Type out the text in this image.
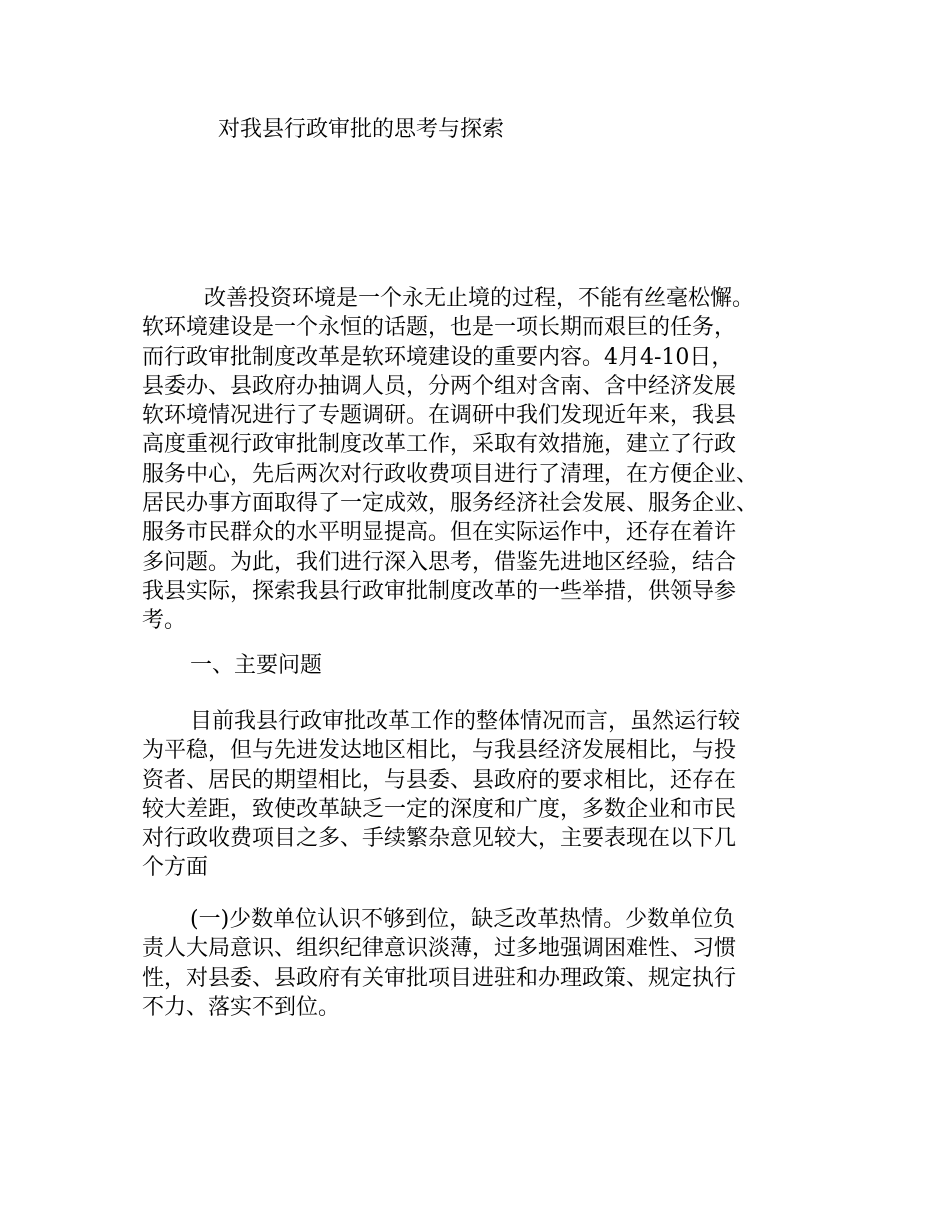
对我县行政审批的思考与探索
改善投资环境是一个永无止境的过程，不能有丝毫松懈。
软环境建设是一个永恒的话题，也是一项长期而艰巨的任务，
而行政审批制度改革是软环境建设的重要内容。4月4-10日，
县委办、县政府办抽调人员，分两个组对含南、含中经济发展
软环境情况进行了专题调研。在调研中我们发现近年来，我县
高度重视行政审批制度改革工作，采取有效措施，建立了行政
服务中心，先后两次对行政收费项目进行了清理，在方便企业、
居民办事方面取得了一定成效，服务经济社会发展、服务企业、
服务市民群众的水平明显提高。但在实际运作中，还存在着许
多问题。为此，我们进行深入思考，借鉴先进地区经验，结合
我县实际，探索我县行政审批制度改革的一些举措，供领导参
考。
一、主要问题
目前我县行政审批改革工作的整体情况而言，虽然运行较
为平稳，但与先进发达地区相比，与我县经济发展相比，与投
资者、居民的期望相比，与县委、县政府的要求相比，还存在
较大差距，致使改革缺乏一定的深度和广度，多数企业和市民
对行政收费项目之多、手续繁杂意见较大，主要表现在以下几
个方面
(一)少数单位认识不够到位，缺乏改革热情。少数单位负
责人大局意识、组织纪律意识淡薄，过多地强调困难性、习惯
性，对县委、县政府有关审批项目进驻和办理政策、规定执行
不力、落实不到位。
